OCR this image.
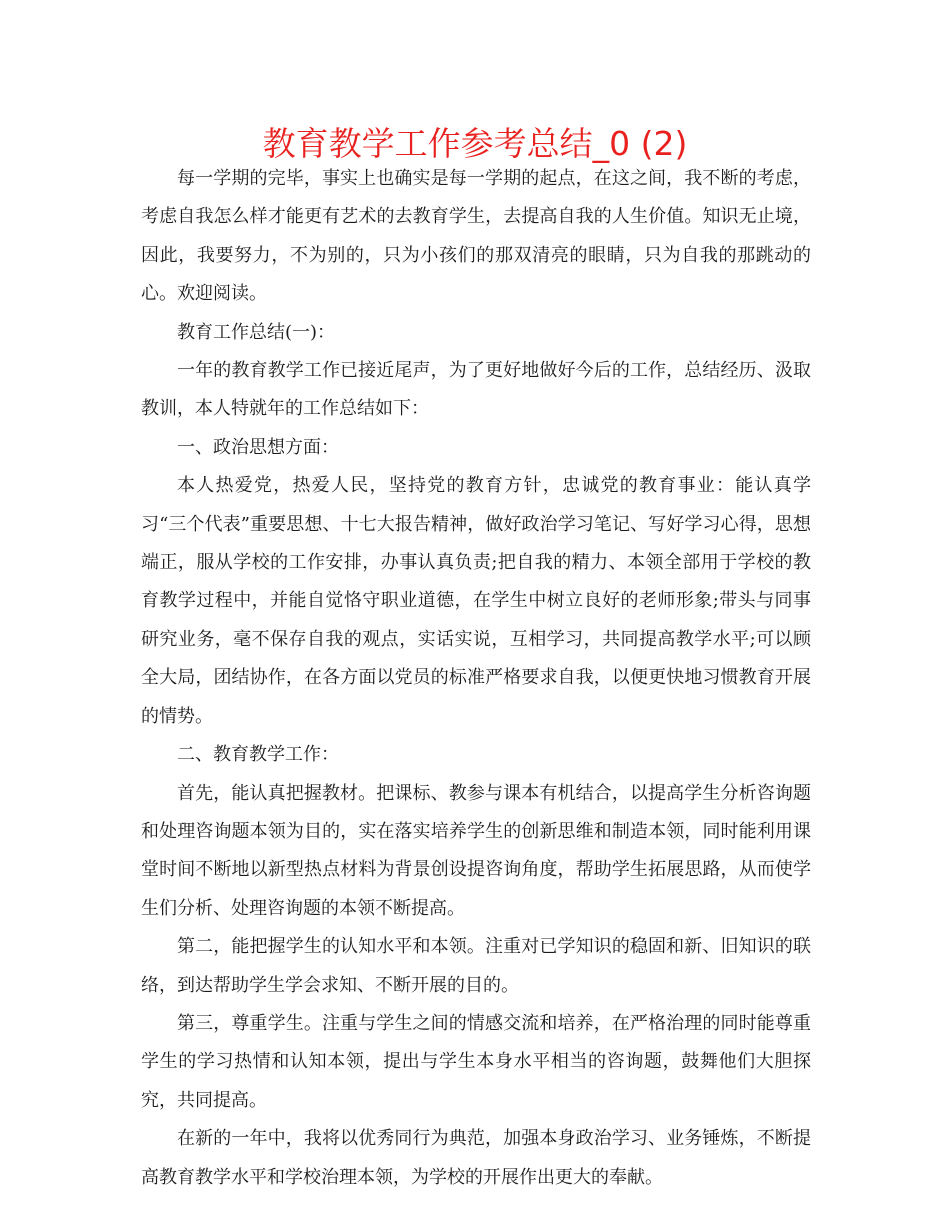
教育教学工作参考总结_0 (2)

每一学期的完毕，事实上也确实是每一学期的起点，在这之间，我不断的考虑，考虑自我怎么样才能更有艺术的去教育学生，去提高自我的人生价值。知识无止境，因此，我要努力，不为别的，只为小孩们的那双清亮的眼睛，只为自我的那跳动的心。欢迎阅读。

教育工作总结(一)：

一年的教育教学工作已接近尾声，为了更好地做好今后的工作，总结经历、汲取教训，本人特就年的工作总结如下：

一、政治思想方面：

本人热爱党，热爱人民，坚持党的教育方针，忠诚党的教育事业：能认真学习“三个代表”重要思想、十七大报告精神，做好政治学习笔记、写好学习心得，思想端正，服从学校的工作安排，办事认真负责;把自我的精力、本领全部用于学校的教育教学过程中，并能自觉恪守职业道德，在学生中树立良好的老师形象;带头与同事研究业务，毫不保存自我的观点，实话实说，互相学习，共同提高教学水平;可以顾全大局，团结协作，在各方面以党员的标准严格要求自我，以便更快地习惯教育开展的情势。

二、教育教学工作：

首先，能认真把握教材。把课标、教参与课本有机结合，以提高学生分析咨询题和处理咨询题本领为目的，实在落实培养学生的创新思维和制造本领，同时能利用课堂时间不断地以新型热点材料为背景创设提咨询角度，帮助学生拓展思路，从而使学生们分析、处理咨询题的本领不断提高。

第二，能把握学生的认知水平和本领。注重对已学知识的稳固和新、旧知识的联络，到达帮助学生学会求知、不断开展的目的。

第三，尊重学生。注重与学生之间的情感交流和培养，在严格治理的同时能尊重学生的学习热情和认知本领，提出与学生本身水平相当的咨询题，鼓舞他们大胆探究，共同提高。

在新的一年中，我将以优秀同行为典范，加强本身政治学习、业务锤炼，不断提高教育教学水平和学校治理本领，为学校的开展作出更大的奉献。
